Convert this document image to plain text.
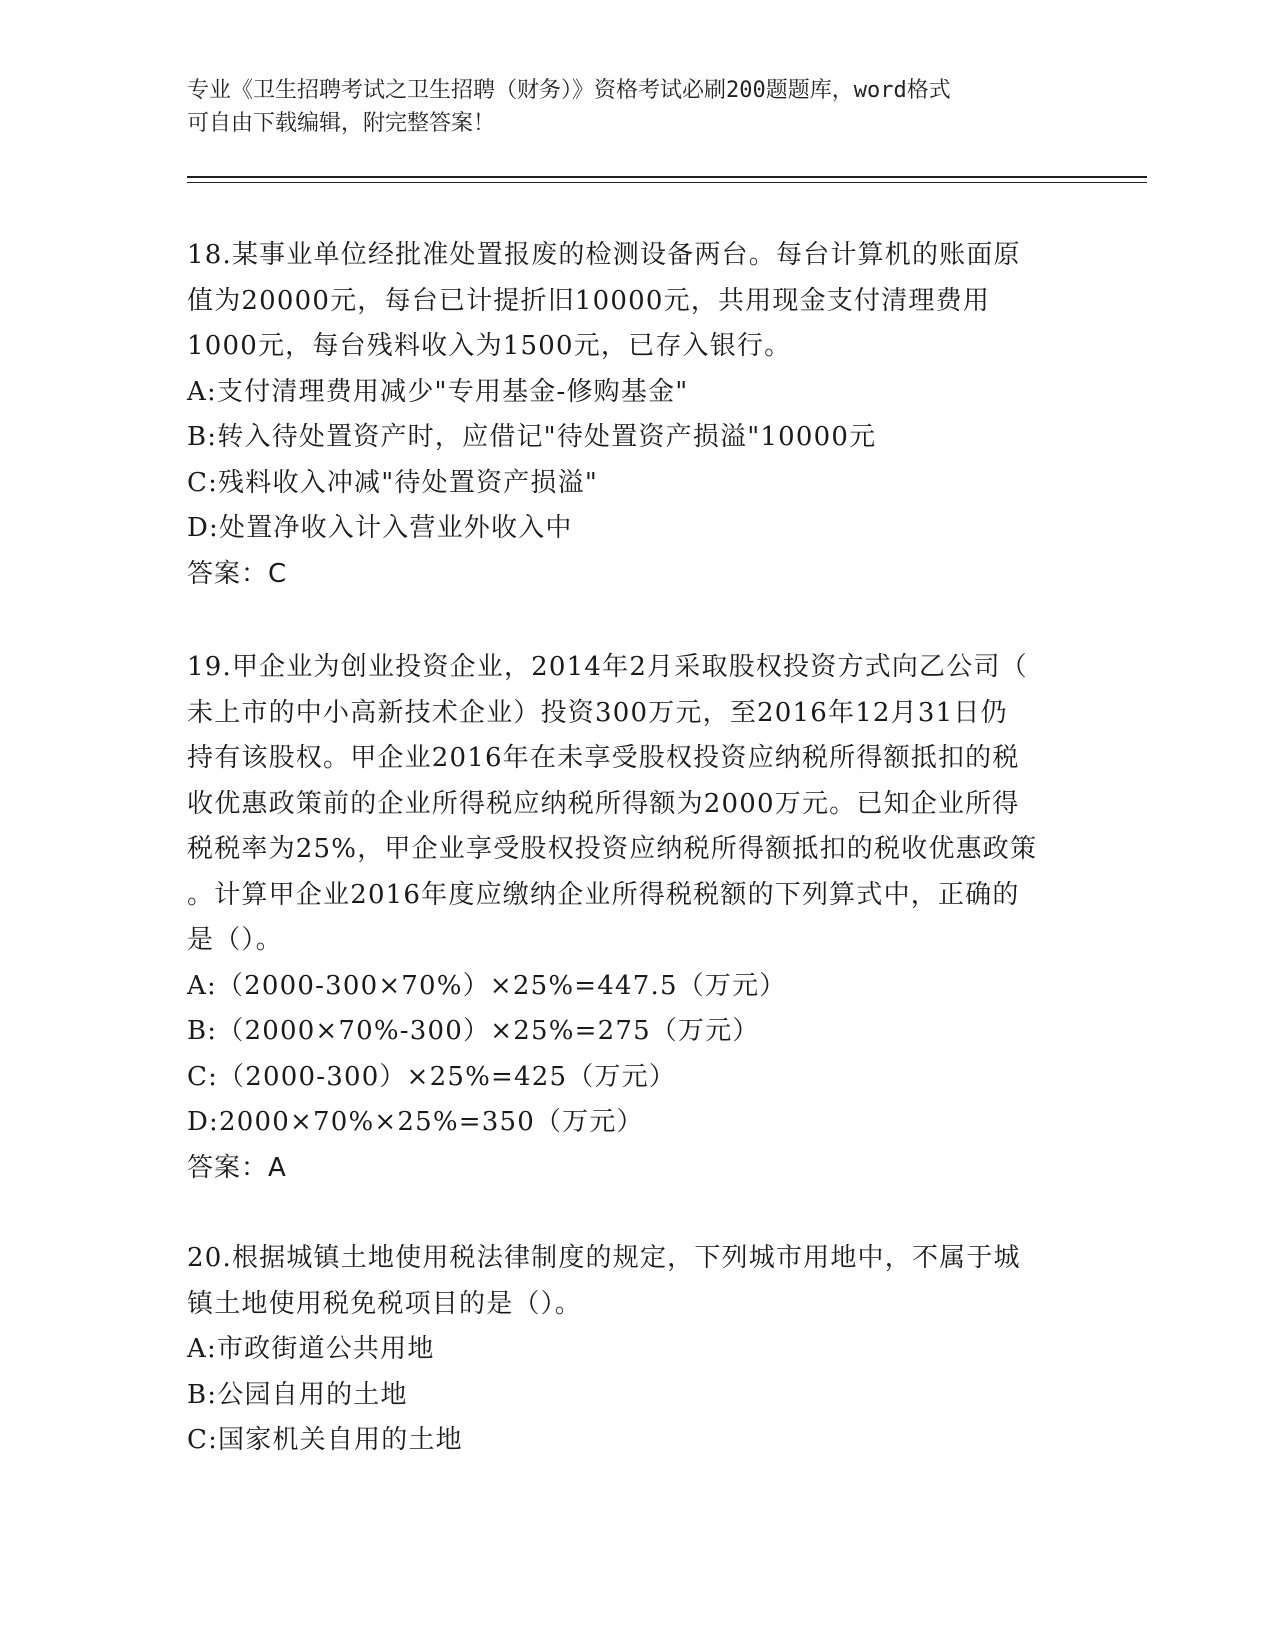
专业《卫生招聘考试之卫生招聘（财务）》资格考试必刷200题题库，word格式
可自由下载编辑，附完整答案！
18.某事业单位经批准处置报废的检测设备两台。每台计算机的账面原
值为20000元，每台已计提折旧10000元，共用现金支付清理费用
1000元，每台残料收入为1500元，已存入银行。
A:支付清理费用减少"专用基金-修购基金"
B:转入待处置资产时，应借记"待处置资产损溢"10000元
C:残料收入冲减"待处置资产损溢"
D:处置净收入计入营业外收入中
答案：C
19.甲企业为创业投资企业，2014年2月采取股权投资方式向乙公司（
未上市的中小高新技术企业）投资300万元，至2016年12月31日仍
持有该股权。甲企业2016年在未享受股权投资应纳税所得额抵扣的税
收优惠政策前的企业所得税应纳税所得额为2000万元。已知企业所得
税税率为25%，甲企业享受股权投资应纳税所得额抵扣的税收优惠政策
。计算甲企业2016年度应缴纳企业所得税税额的下列算式中，正确的
是（）。
A:（2000-300×70%）×25%=447.5（万元）
B:（2000×70%-300）×25%=275（万元）
C:（2000-300）×25%=425（万元）
D:2000×70%×25%=350（万元）
答案：A
20.根据城镇土地使用税法律制度的规定，下列城市用地中，不属于城
镇土地使用税免税项目的是（）。
A:市政街道公共用地
B:公园自用的土地
C:国家机关自用的土地
